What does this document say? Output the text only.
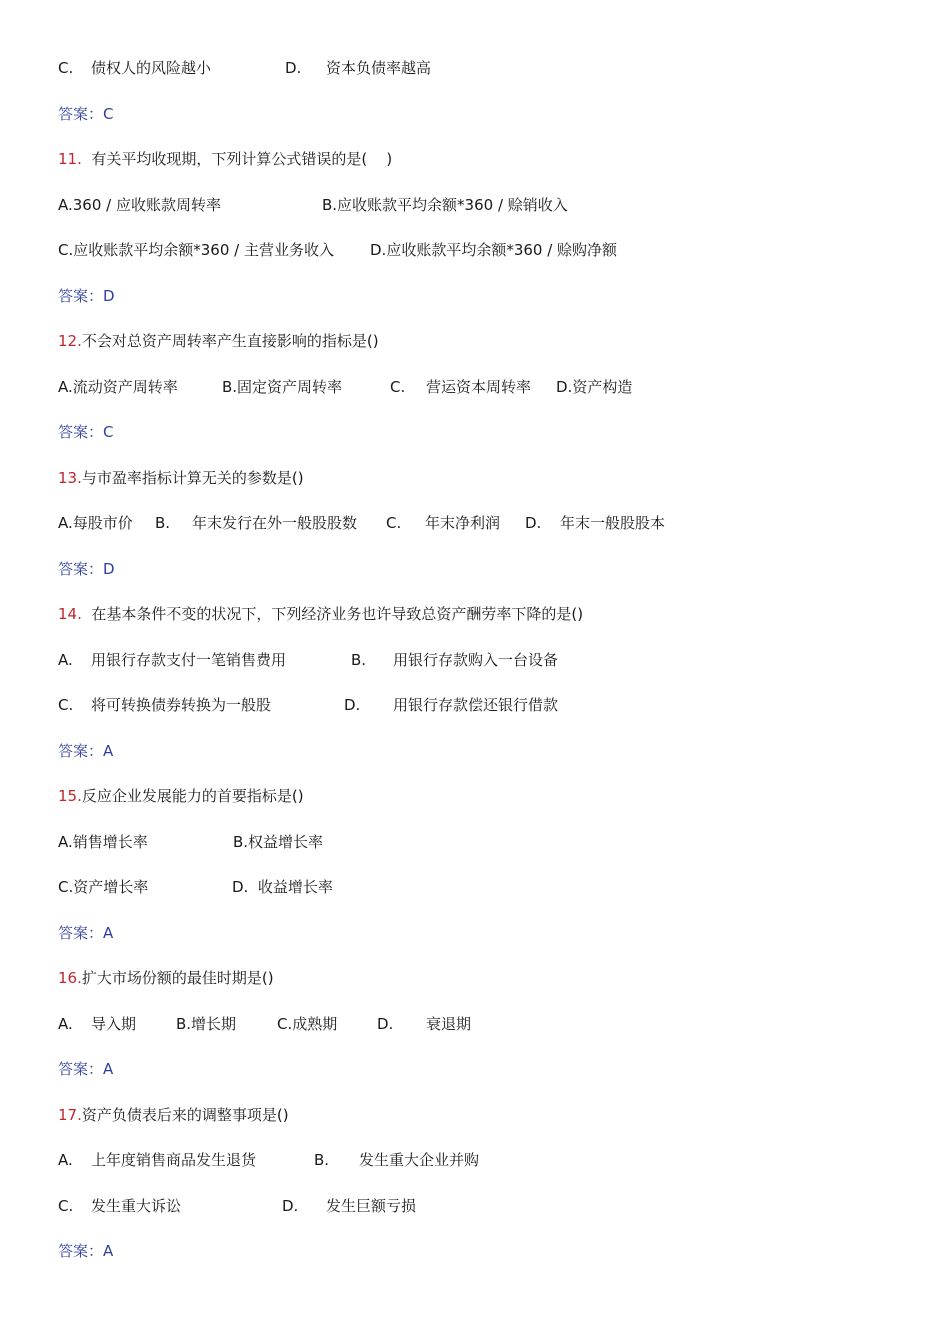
C. 债权人的风险越小	D. 资本负债率越高
答案：C
11.  有关平均收现期，下列计算公式错误的是(    )
A.360 / 应收账款周转率	B.应收账款平均余额*360 / 赊销收入
C.应收账款平均余额*360 / 主营业务收入 D.应收账款平均余额*360 / 赊购净额
答案：D
12.不会对总资产周转率产生直接影响的指标是()
A.流动资产周转率	B.固定资产周转率	C. 营运资本周转率 D.资产构造
答案：C
13.与市盈率指标计算无关的参数是()
A.每股市价 B. 年末发行在外一般股股数 C. 年末净利润 D. 年末一般股股本
答案：D
14.  在基本条件不变的状况下，下列经济业务也许导致总资产酬劳率下降的是()
A. 用银行存款支付一笔销售费用	B. 用银行存款购入一台设备
C. 将可转换债券转换为一般股	D. 用银行存款偿还银行借款
答案：A
15.反应企业发展能力的首要指标是()
A.销售增长率	B.权益增长率
C.资产增长率	D.  收益增长率
答案：A
16.扩大市场份额的最佳时期是()
A. 导入期	B.增长期	C.成熟期	D. 衰退期
答案：A
17.资产负债表后来的调整事项是()
A. 上年度销售商品发生退货	B. 发生重大企业并购
C. 发生重大诉讼	D. 发生巨额亏损
答案：A
